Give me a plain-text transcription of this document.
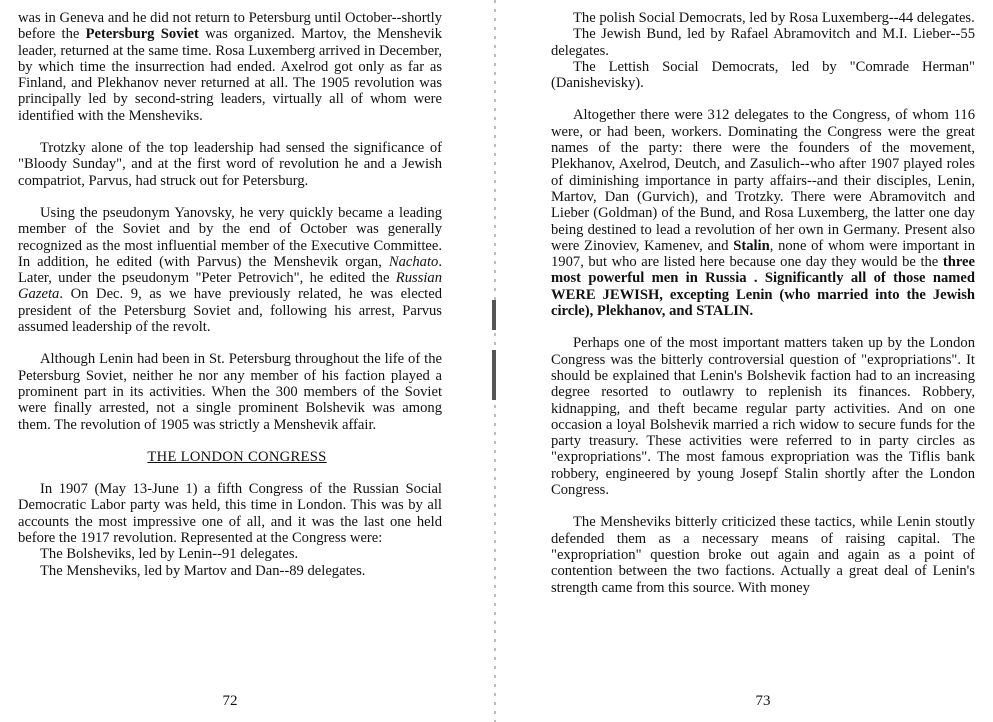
was in Geneva and he did not return to Petersburg until October--shortly before the Petersburg Soviet was organized. Martov, the Menshevik leader, returned at the same time. Rosa Luxemberg arrived in December, by which time the insurrection had ended. Axelrod got only as far as Finland, and Plekhanov never returned at all. The 1905 revolution was principally led by second-string leaders, virtually all of whom were identified with the Mensheviks.

Trotzky alone of the top leadership had sensed the significance of "Bloody Sunday", and at the first word of revolution he and a Jewish compatriot, Parvus, had struck out for Petersburg.

Using the pseudonym Yanovsky, he very quickly became a leading member of the Soviet and by the end of October was generally recognized as the most influential member of the Executive Committee. In addition, he edited (with Parvus) the Menshevik organ, Nachato. Later, under the pseudonym "Peter Petrovich", he edited the Russian Gazeta. On Dec. 9, as we have previously related, he was elected president of the Petersburg Soviet and, following his arrest, Parvus assumed leadership of the revolt.

Although Lenin had been in St. Petersburg throughout the life of the Petersburg Soviet, neither he nor any member of his faction played a prominent part in its activities. When the 300 members of the Soviet were finally arrested, not a single prominent Bolshevik was among them. The revolution of 1905 was strictly a Menshevik affair.

THE LONDON CONGRESS

In 1907 (May 13-June 1) a fifth Congress of the Russian Social Democratic Labor party was held, this time in London. This was by all accounts the most impressive one of all, and it was the last one held before the 1917 revolution. Represented at the Congress were:

The Bolsheviks, led by Lenin--91 delegates.

The Mensheviks, led by Martov and Dan--89 delegates.

72

The polish Social Democrats, led by Rosa Luxemberg--44 delegates.

The Jewish Bund, led by Rafael Abramovitch and M.I. Lieber--55 delegates.

The Lettish Social Democrats, led by "Comrade Herman" (Danishevisky).

Altogether there were 312 delegates to the Congress, of whom 116 were, or had been, workers. Dominating the Congress were the great names of the party: there were the founders of the movement, Plekhanov, Axelrod, Deutch, and Zasulich--who after 1907 played roles of diminishing importance in party affairs--and their disciples, Lenin, Martov, Dan (Gurvich), and Trotzky. There were Abramovitch and Lieber (Goldman) of the Bund, and Rosa Luxemberg, the latter one day being destined to lead a revolution of her own in Germany. Present also were Zinoviev, Kamenev, and Stalin, none of whom were important in 1907, but who are listed here because one day they would be the three most powerful men in Russia . Significantly all of those named WERE JEWISH, excepting Lenin (who married into the Jewish circle), Plekhanov, and STALIN.

Perhaps one of the most important matters taken up by the London Congress was the bitterly controversial question of "expropriations". It should be explained that Lenin's Bolshevik faction had to an increasing degree resorted to outlawry to replenish its finances. Robbery, kidnapping, and theft became regular party activities. And on one occasion a loyal Bolshevik married a rich widow to secure funds for the party treasury. These activities were referred to in party circles as "expropriations". The most famous expropriation was the Tiflis bank robbery, engineered by young Josepf Stalin shortly after the London Congress.

The Mensheviks bitterly criticized these tactics, while Lenin stoutly defended them as a necessary means of raising capital. The "expropriation" question broke out again and again as a point of contention between the two factions. Actually a great deal of Lenin's strength came from this source. With money

73
